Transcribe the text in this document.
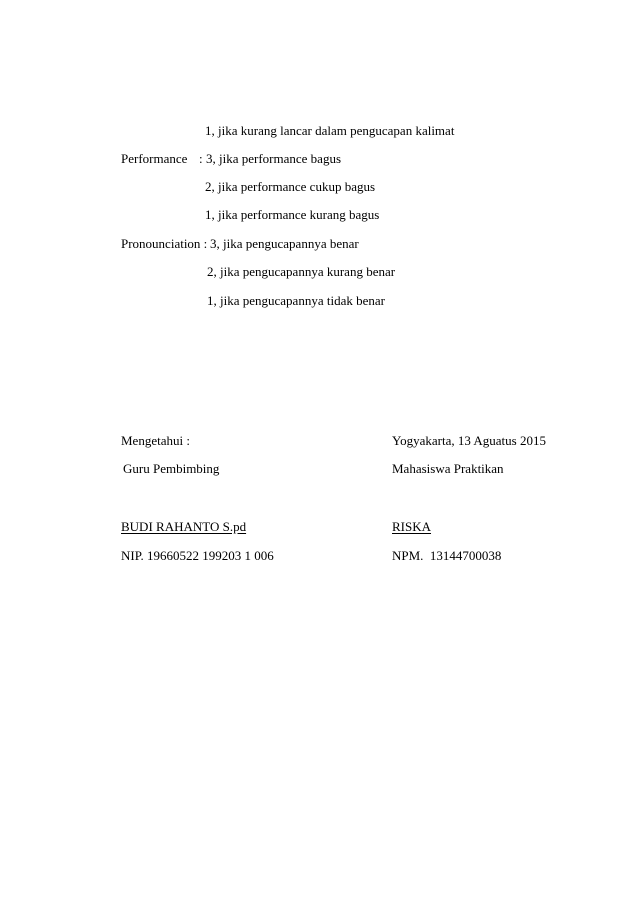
1, jika kurang lancar dalam pengucapan kalimat
Performance : 3, jika performance bagus
2, jika performance cukup bagus
1, jika performance kurang bagus
Pronounciation : 3, jika pengucapannya benar
2, jika pengucapannya kurang benar
1, jika pengucapannya tidak benar
Mengetahui :
Guru Pembimbing
BUDI RAHANTO S.pd
NIP. 19660522 199203 1 006
Yogyakarta, 13 Aguatus 2015
Mahasiswa Praktikan
RISKA
NPM.  13144700038
